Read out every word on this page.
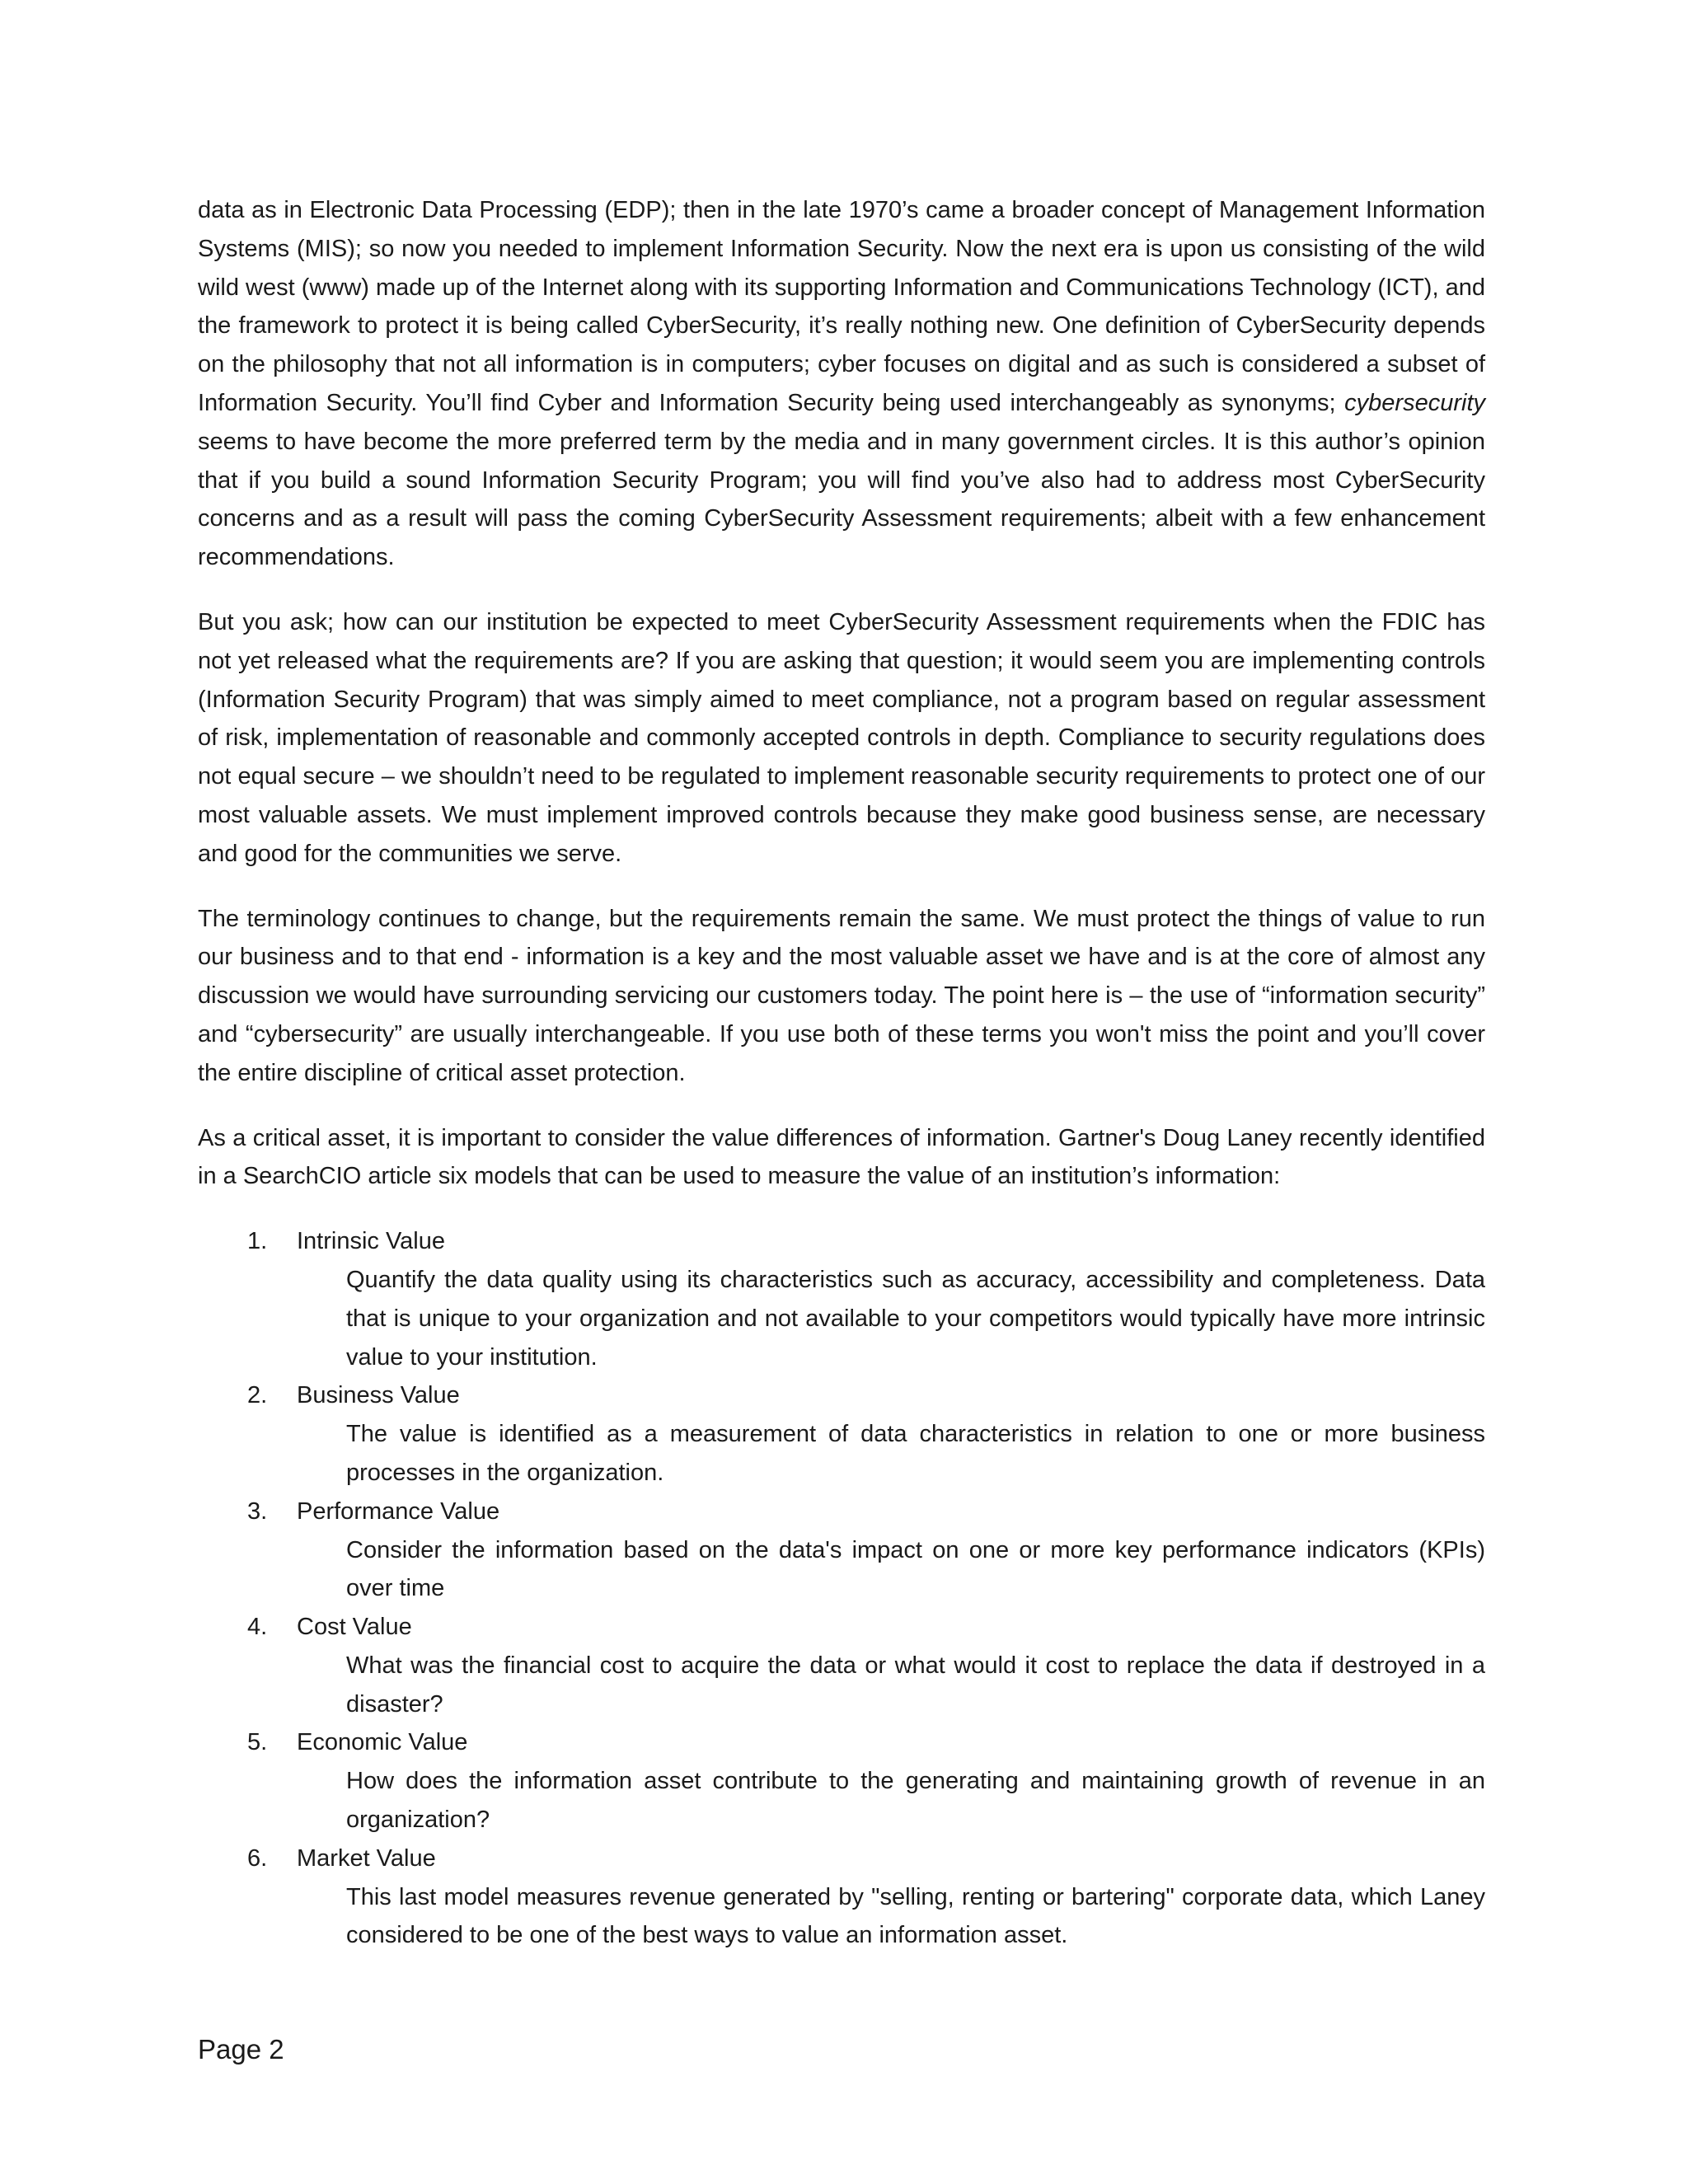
data as in Electronic Data Processing (EDP); then in the late 1970’s came a broader concept of Management Information Systems (MIS); so now you needed to implement Information Security. Now the next era is upon us consisting of the wild wild west (www) made up of the Internet along with its supporting Information and Communications Technology (ICT), and the framework to protect it is being called CyberSecurity, it’s really nothing new. One definition of CyberSecurity depends on the philosophy that not all information is in computers; cyber focuses on digital and as such is considered a subset of Information Security. You’ll find Cyber and Information Security being used interchangeably as synonyms; cybersecurity seems to have become the more preferred term by the media and in many government circles. It is this author’s opinion that if you build a sound Information Security Program; you will find you’ve also had to address most CyberSecurity concerns and as a result will pass the coming CyberSecurity Assessment requirements; albeit with a few enhancement recommendations.

But you ask; how can our institution be expected to meet CyberSecurity Assessment requirements when the FDIC has not yet released what the requirements are? If you are asking that question; it would seem you are implementing controls (Information Security Program) that was simply aimed to meet compliance, not a program based on regular assessment of risk, implementation of reasonable and commonly accepted controls in depth. Compliance to security regulations does not equal secure – we shouldn’t need to be regulated to implement reasonable security requirements to protect one of our most valuable assets. We must implement improved controls because they make good business sense, are necessary and good for the communities we serve.

The terminology continues to change, but the requirements remain the same. We must protect the things of value to run our business and to that end - information is a key and the most valuable asset we have and is at the core of almost any discussion we would have surrounding servicing our customers today. The point here is – the use of “information security” and “cybersecurity” are usually interchangeable. If you use both of these terms you won't miss the point and you’ll cover the entire discipline of critical asset protection.

As a critical asset, it is important to consider the value differences of information. Gartner's Doug Laney recently identified in a SearchCIO article six models that can be used to measure the value of an institution’s information:

1.	Intrinsic Value

Quantify the data quality using its characteristics such as accuracy, accessibility and completeness. Data that is unique to your organization and not available to your competitors would typically have more intrinsic value to your institution.

2.	Business Value

The value is identified as a measurement of data characteristics in relation to one or more business processes in the organization.

3.	Performance Value

Consider the information based on the data's impact on one or more key performance indicators (KPIs) over time

4.	Cost Value

What was the financial cost to acquire the data or what would it cost to replace the data if destroyed in a disaster?

5.	Economic Value

How does the information asset contribute to the generating and maintaining growth of revenue in an organization?

6.	Market Value

This last model measures revenue generated by "selling, renting or bartering" corporate data, which Laney considered to be one of the best ways to value an information asset.

Page 2
